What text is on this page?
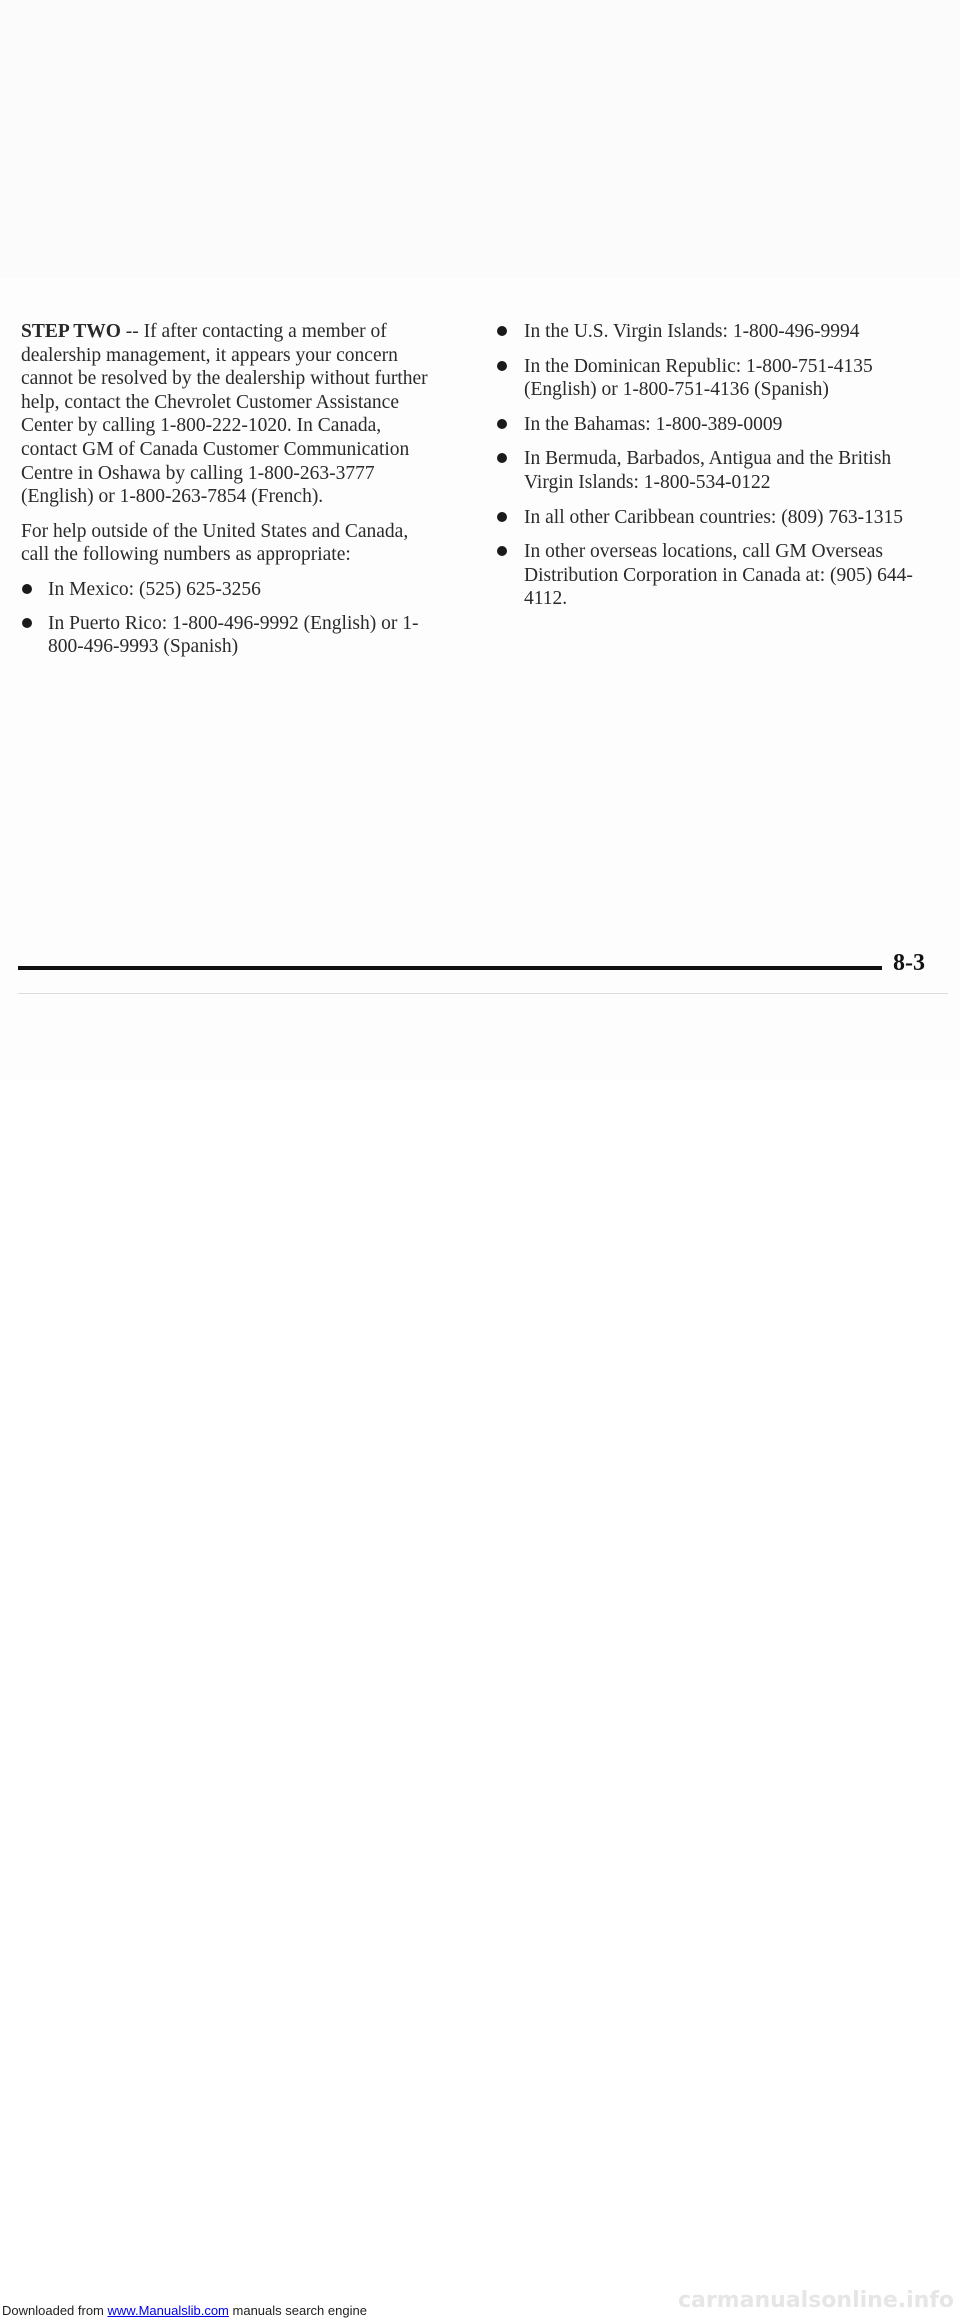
STEP TWO -- If after contacting a member of dealership management, it appears your concern cannot be resolved by the dealership without further help, contact the Chevrolet Customer Assistance Center by calling 1-800-222-1020. In Canada, contact GM of Canada Customer Communication Centre in Oshawa by calling 1-800-263-3777 (English) or 1-800-263-7854 (French).

For help outside of the United States and Canada, call the following numbers as appropriate:

In Mexico: (525) 625-3256
In Puerto Rico: 1-800-496-9992 (English) or 1-800-496-9993 (Spanish)
In the U.S. Virgin Islands: 1-800-496-9994
In the Dominican Republic: 1-800-751-4135 (English) or 1-800-751-4136 (Spanish)
In the Bahamas: 1-800-389-0009
In Bermuda, Barbados, Antigua and the British Virgin Islands: 1-800-534-0122
In all other Caribbean countries: (809) 763-1315
In other overseas locations, call GM Overseas Distribution Corporation in Canada at: (905) 644-4112.
8-3
Downloaded from www.Manualslib.com manuals search engine	carmanualsonline.info
